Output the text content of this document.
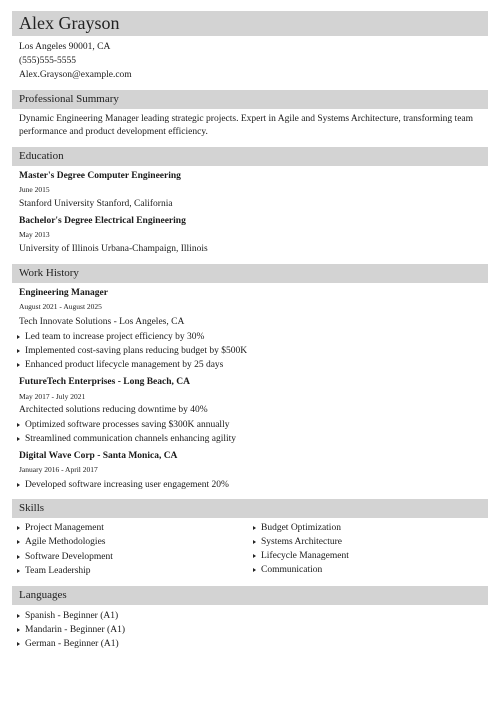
Alex Grayson
Los Angeles 90001, CA
(555)555-5555
Alex.Grayson@example.com
Professional Summary
Dynamic Engineering Manager leading strategic projects. Expert in Agile and Systems Architecture, transforming team performance and product development efficiency.
Education
Master's Degree Computer Engineering
June 2015
Stanford University Stanford, California
Bachelor's Degree Electrical Engineering
May 2013
University of Illinois Urbana-Champaign, Illinois
Work History
Engineering Manager
August 2021 - August 2025
Tech Innovate Solutions - Los Angeles, CA
Led team to increase project efficiency by 30%
Implemented cost-saving plans reducing budget by $500K
Enhanced product lifecycle management by 25 days
FutureTech Enterprises - Long Beach, CA
May 2017 - July 2021
Architected solutions reducing downtime by 40%
Optimized software processes saving $300K annually
Streamlined communication channels enhancing agility
Digital Wave Corp - Santa Monica, CA
January 2016 - April 2017
Developed software increasing user engagement 20%
Skills
Project Management
Agile Methodologies
Software Development
Team Leadership
Budget Optimization
Systems Architecture
Lifecycle Management
Communication
Languages
Spanish - Beginner (A1)
Mandarin - Beginner (A1)
German - Beginner (A1)
